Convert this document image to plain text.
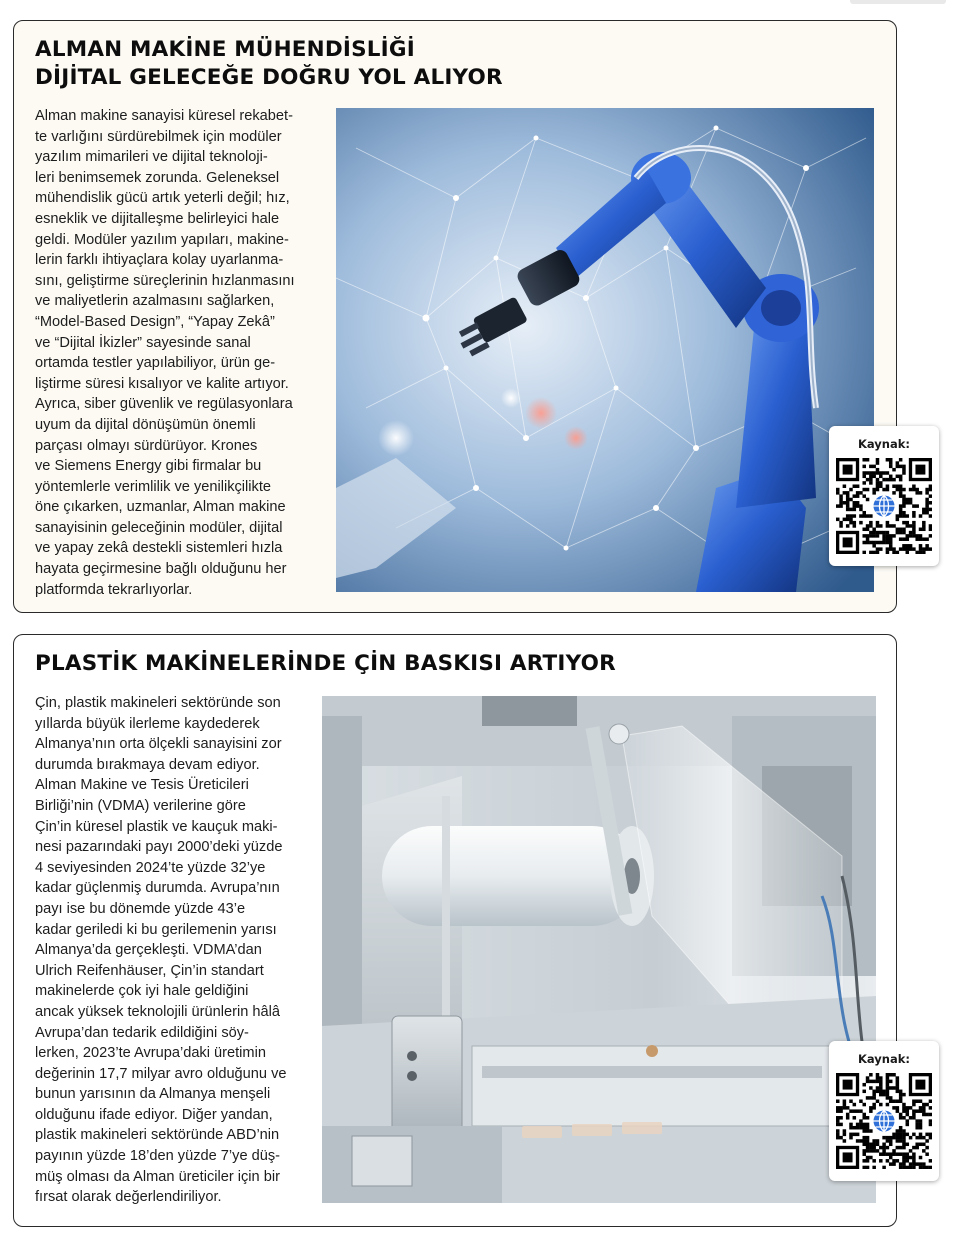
ALMAN MAKİNE MÜHENDİSLİĞİ
DİJİTAL GELECEĞE DOĞRU YOL ALIYOR
Alman makine sanayisi küresel rekabet-
te varlığını sürdürebilmek için modüler
yazılım mimarileri ve dijital teknoloji-
leri benimsemek zorunda. Geleneksel
mühendislik gücü artık yeterli değil; hız,
esneklik ve dijitalleşme belirleyici hale
geldi. Modüler yazılım yapıları, makine-
lerin farklı ihtiyaçlara kolay uyarlanma-
sını, geliştirme süreçlerinin hızlanmasını
ve maliyetlerin azalmasını sağlarken,
“Model-Based Design”, “Yapay Zekâ”
ve “Dijital İkizler” sayesinde sanal
ortamda testler yapılabiliyor, ürün ge-
liştirme süresi kısalıyor ve kalite artıyor.
Ayrıca, siber güvenlik ve regülasyonlara
uyum da dijital dönüşümün önemli
parçası olmayı sürdürüyor. Krones
ve Siemens Energy gibi firmalar bu
yöntemlerle verimlilik ve yenilikçilikte
öne çıkarken, uzmanlar, Alman makine
sanayisinin geleceğinin modüler, dijital
ve yapay zekâ destekli sistemleri hızla
hayata geçirmesine bağlı olduğunu her
platformda tekrarlıyorlar.
Kaynak:
PLASTİK MAKİNELERİNDE ÇİN BASKISI ARTIYOR
Çin, plastik makineleri sektöründe son
yıllarda büyük ilerleme kaydederek
Almanya’nın orta ölçekli sanayisini zor
durumda bırakmaya devam ediyor.
Alman Makine ve Tesis Üreticileri
Birliği’nin (VDMA) verilerine göre
Çin’in küresel plastik ve kauçuk maki-
nesi pazarındaki payı 2000’deki yüzde
4 seviyesinden 2024’te yüzde 32’ye
kadar güçlenmiş durumda. Avrupa’nın
payı ise bu dönemde yüzde 43’e
kadar geriledi ki bu gerilemenin yarısı
Almanya’da gerçekleşti. VDMA’dan
Ulrich Reifenhäuser, Çin’in standart
makinelerde çok iyi hale geldiğini
ancak yüksek teknolojili ürünlerin hâlâ
Avrupa’dan tedarik edildiğini söy-
lerken, 2023’te Avrupa’daki üretimin
değerinin 17,7 milyar avro olduğunu ve
bunun yarısının da Almanya menşeli
olduğunu ifade ediyor. Diğer yandan,
plastik makineleri sektöründe ABD’nin
payının yüzde 18’den yüzde 7’ye düş-
müş olması da Alman üreticiler için bir
fırsat olarak değerlendiriliyor.
Kaynak:
